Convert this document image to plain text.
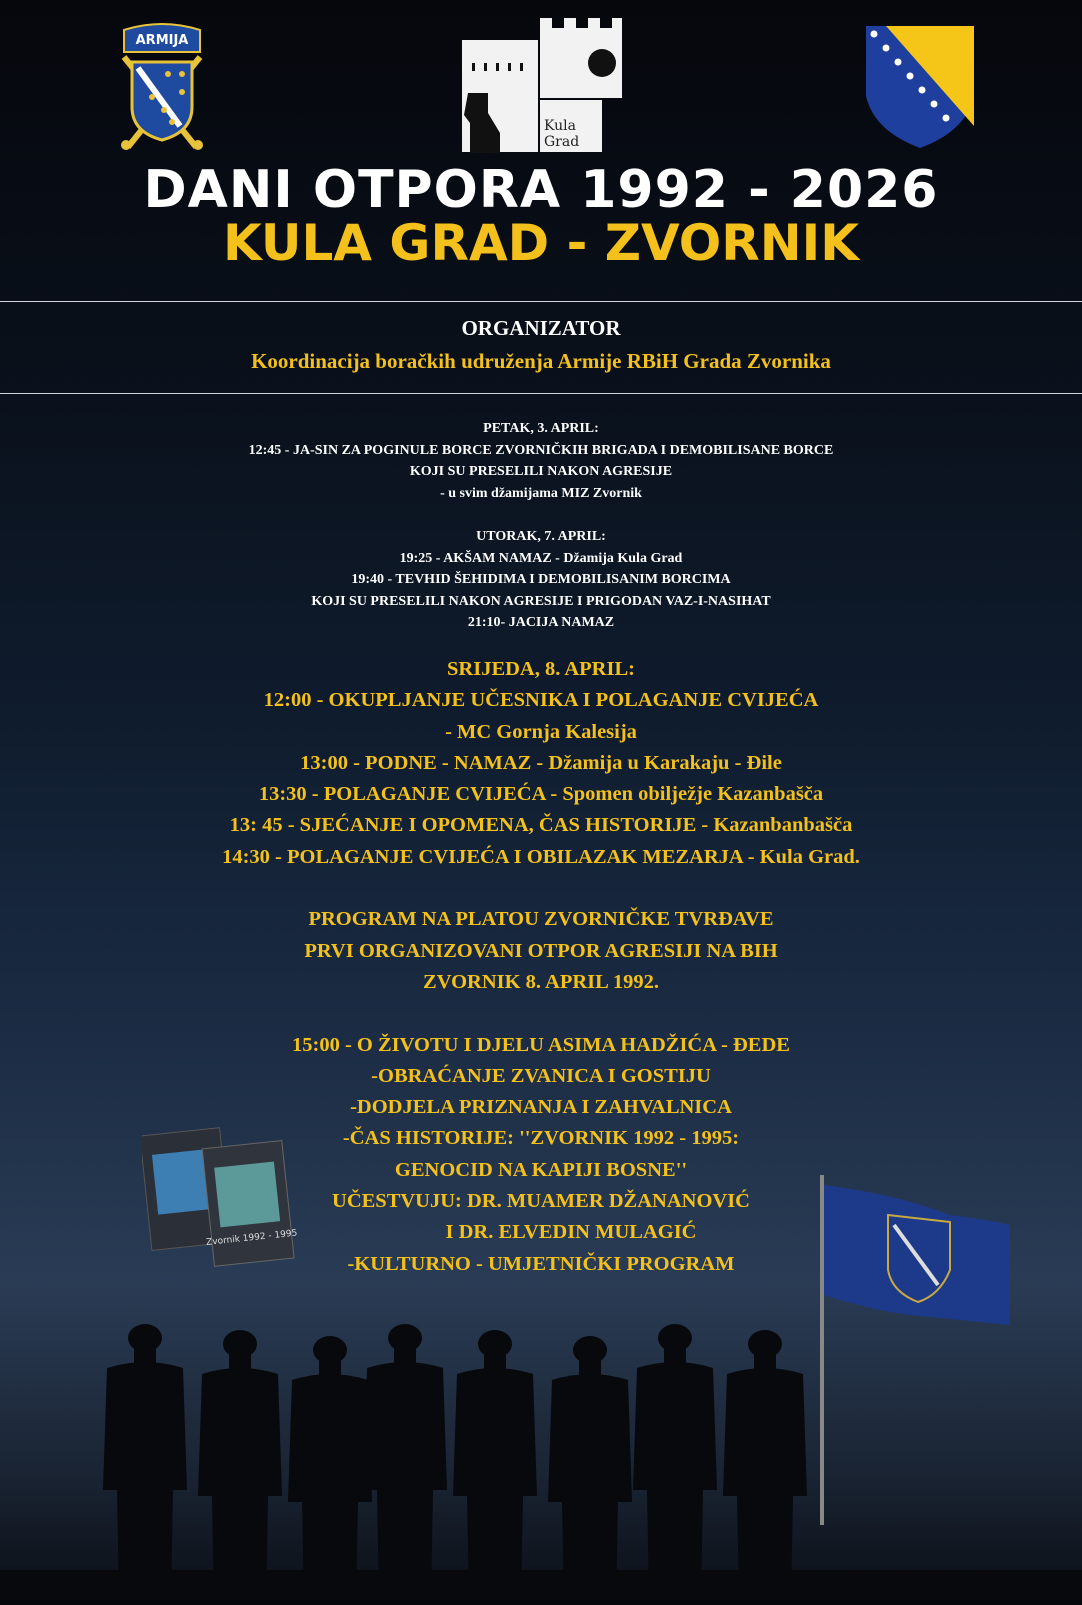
ARMIJA
Kula
Grad
DANI OTPORA 1992 - 2026
KULA GRAD - ZVORNIK
ORGANIZATOR
Koordinacija boračkih udruženja Armije RBiH Grada Zvornika
PETAK, 3. APRIL:
12:45 - JA-SIN ZA POGINULE BORCE ZVORNIČKIH BRIGADA I DEMOBILISANE BORCE
KOJI SU PRESELILI NAKON AGRESIJE
- u svim džamijama MIZ Zvornik
UTORAK, 7. APRIL:
19:25 - AKŠAM NAMAZ - Džamija Kula Grad
19:40 - TEVHID ŠEHIDIMA I DEMOBILISANIM BORCIMA
KOJI SU PRESELILI NAKON AGRESIJE I PRIGODAN VAZ-I-NASIHAT
21:10- JACIJA NAMAZ
SRIJEDA, 8. APRIL:
12:00 - OKUPLJANJE UČESNIKA I POLAGANJE CVIJEĆA
- MC Gornja Kalesija
13:00 - PODNE - NAMAZ - Džamija u Karakaju - Đile
13:30 - POLAGANJE CVIJEĆA - Spomen obilježje Kazanbašča
13: 45 - SJEĆANJE I OPOMENA, ČAS HISTORIJE - Kazanbanbašča
14:30 - POLAGANJE CVIJEĆA I OBILAZAK MEZARJA - Kula Grad.
PROGRAM NA PLATOU ZVORNIČKE TVRĐAVE
PRVI ORGANIZOVANI OTPOR AGRESIJI NA BIH
ZVORNIK 8. APRIL 1992.
15:00 - O ŽIVOTU I DJELU ASIMA HADŽIĆA - ĐEDE
-OBRAĆANJE ZVANICA I GOSTIJU
-DODJELA PRIZNANJA I ZAHVALNICA
-ČAS HISTORIJE: ''ZVORNIK 1992 - 1995:
GENOCID NA KAPIJI BOSNE''
UČESTVUJU: DR. MUAMER DŽANANOVIĆ
I DR. ELVEDIN MULAGIĆ
-KULTURNO - UMJETNIČKI PROGRAM
Zvornik 1992 - 1995
